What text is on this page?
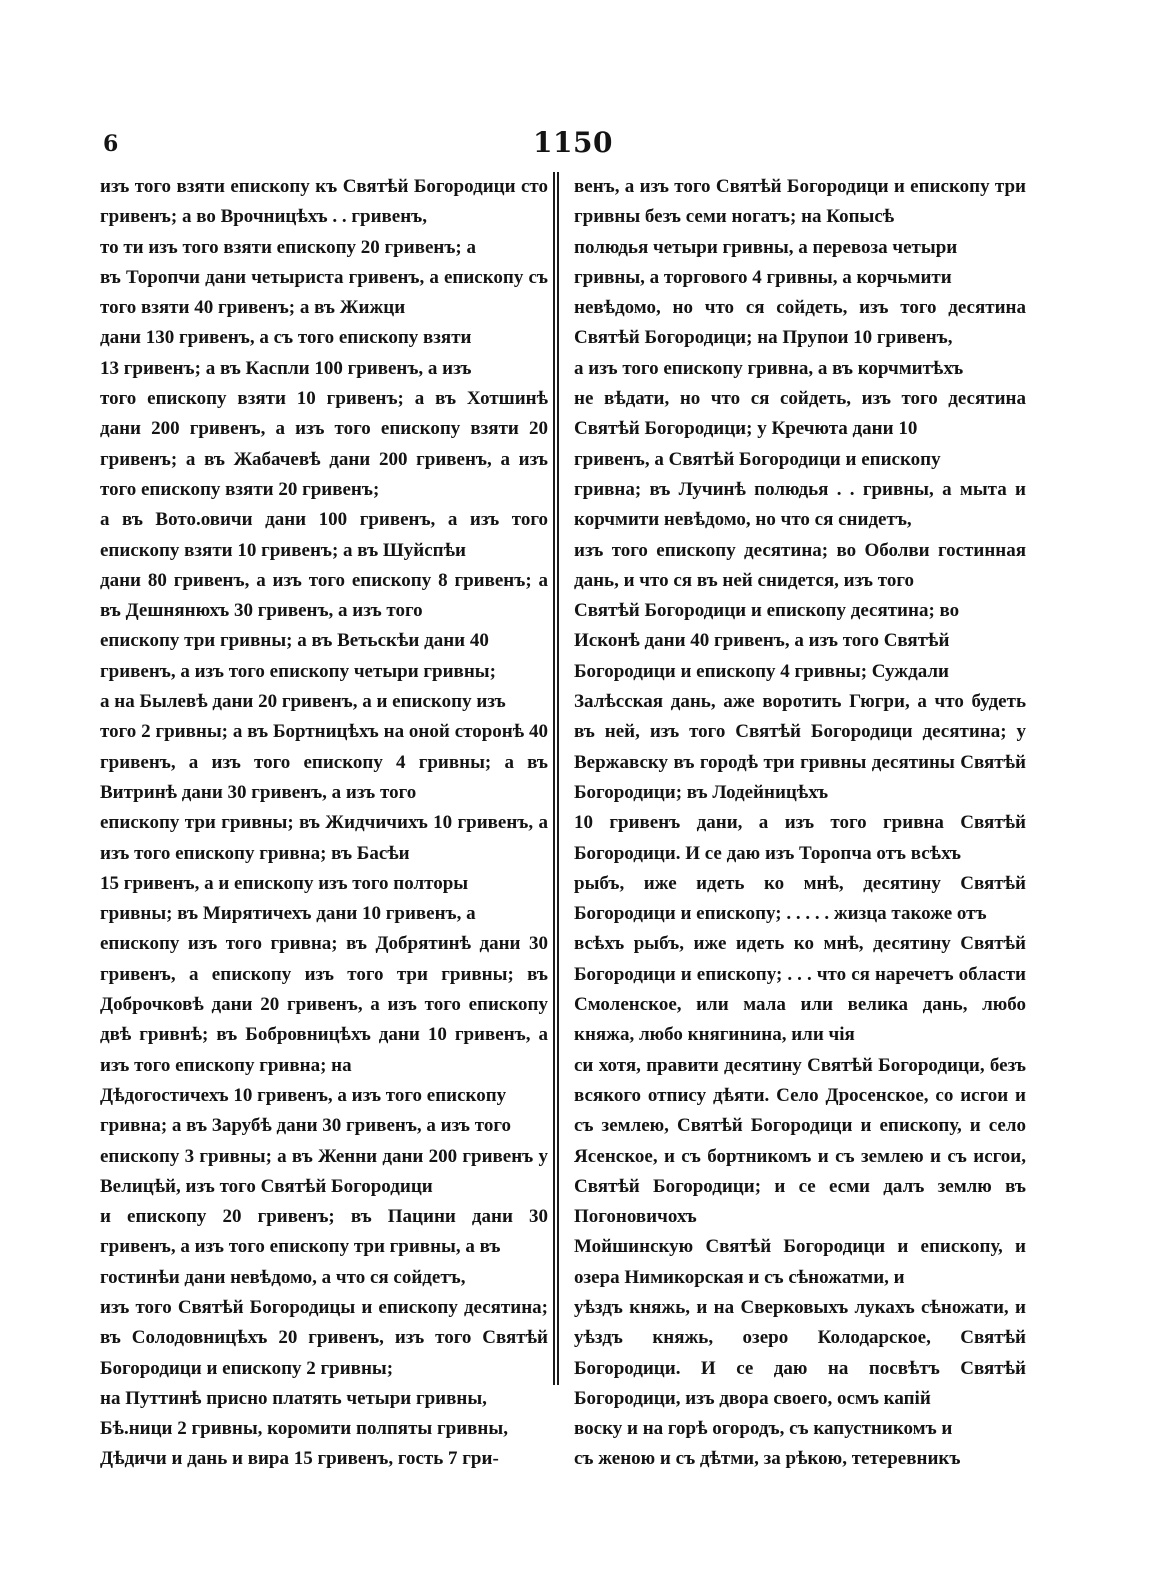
6	1150
изъ того взяти епископу къ Святѣй Богородици сто гривенъ; а во Врочницѣхъ . . гривенъ,
то ти изъ того взяти епископу 20 гривенъ; а
въ Торопчи дани четыриста гривенъ, а епископу съ того взяти 40 гривенъ; а въ Жижци
дани 130 гривенъ, а съ того епископу взяти
13 гривенъ; а въ Каспли 100 гривенъ, а изъ
того епископу взяти 10 гривенъ; а въ Хотшинѣ дани 200 гривенъ, а изъ того епископу взяти 20 гривенъ; а въ Жабачевѣ дани 200 гривенъ, а изъ того епископу взяти 20 гривенъ;
а въ Вото.овичи дани 100 гривенъ, а изъ того епископу взяти 10 гривенъ; а въ Шуйспѣи
дани 80 гривенъ, а изъ того епископу 8 гривенъ; а въ Дешнянюхъ 30 гривенъ, а изъ того
епископу три гривны; а въ Ветьскѣи дани 40
гривенъ, а изъ того епископу четыри гривны;
а на Былевѣ дани 20 гривенъ, а и епископу изъ
того 2 гривны; а въ Бортницѣхъ на оной сторонѣ 40 гривенъ, а изъ того епископу 4 гривны; а въ Витринѣ дани 30 гривенъ, а изъ того
епископу три гривны; въ Жидчичихъ 10 гривенъ, а изъ того епископу гривна; въ Басѣи
15 гривенъ, а и епископу изъ того полторы
гривны; въ Мирятичехъ дани 10 гривенъ, а
епископу изъ того гривна; въ Добрятинѣ дани 30 гривенъ, а епископу изъ того три гривны; въ Доброчковѣ дани 20 гривенъ, а изъ того епископу двѣ гривнѣ; въ Бобровницѣхъ дани 10 гривенъ, а изъ того епископу гривна; на
Дѣдогостичехъ 10 гривенъ, а изъ того епископу
гривна; а въ Зарубѣ дани 30 гривенъ, а изъ того
епископу 3 гривны; а въ Женни дани 200 гривенъ у Велицѣй, изъ того Святѣй Богородици
и епископу 20 гривенъ; въ Пацини дани 30 гривенъ, а изъ того епископу три гривны, а въ
гостинѣи дани невѣдомо, а что ся сойдетъ,
изъ того Святѣй Богородицы и епископу десятина; въ Солодовницѣхъ 20 гривенъ, изъ того Святѣй Богородици и епископу 2 гривны;
на Путтинѣ присно платять четыри гривны,
Бѣ.ници 2 гривны, коромити полпяты гривны,
Дѣдичи и дань и вира 15 гривенъ, гость 7 гри-
венъ, а изъ того Святѣй Богородици и епископу три гривны безъ семи ногатъ; на Копысѣ
полюдья четыри гривны, а перевоза четыри
гривны, а торгового 4 гривны, а корчьмити
невѣдомо, но что ся сойдеть, изъ того десятина Святѣй Богородици; на Прупои 10 гривенъ,
а изъ того епископу гривна, а въ корчмитѣхъ
не вѣдати, но что ся сойдеть, изъ того десятина Святѣй Богородици; у Кречюта дани 10
гривенъ, а Святѣй Богородици и епископу
гривна; въ Лучинѣ полюдья . . гривны, а мыта и корчмити невѣдомо, но что ся снидетъ,
изъ того епископу десятина; во Оболви гостинная дань, и что ся въ ней снидется, изъ того
Святѣй Богородици и епископу десятина; во
Исконѣ дани 40 гривенъ, а изъ того Святѣй
Богородици и епископу 4 гривны; Суждали
Залѣсская дань, аже воротить Гюгри, а что будеть въ ней, изъ того Святѣй Богородици десятина; у Вержавску въ городѣ три гривны десятины Святѣй Богородици; въ Лодейницѣхъ
10 гривенъ дани, а изъ того гривна Святѣй Богородици. И се даю изъ Торопча отъ всѣхъ
рыбъ, иже идеть ко мнѣ, десятину Святѣй Богородици и епископу; . . . . . жизца такоже отъ
всѣхъ рыбъ, иже идеть ко мнѣ, десятину Святѣй Богородици и епископу; . . . что ся наречетъ области Смоленское, или мала или велика дань, любо княжа, любо княгинина, или чiя
си хотя, правити десятину Святѣй Богородици, безъ всякого отпису дѣяти. Село Дросенское, со исгои и съ землею, Святѣй Богородици и епископу, и село Ясенское, и съ бортникомъ и съ землею и съ исгои, Святѣй Богородици; и се есми далъ землю въ Погоновичохъ
Мойшинскую Святѣй Богородици и епископу, и озера Нимикорская и съ сѣножатми, и
уѣздъ княжь, и на Сверковыхъ лукахъ сѣножати, и уѣздъ княжь, озеро Колодарское, Святѣй Богородици. И се даю на посвѣтъ Святѣй Богородици, изъ двора своего, осмъ капій
воску и на горѣ огородъ, съ капустникомъ и
съ женою и съ дѣтми, за рѣкою, тетеревникъ
